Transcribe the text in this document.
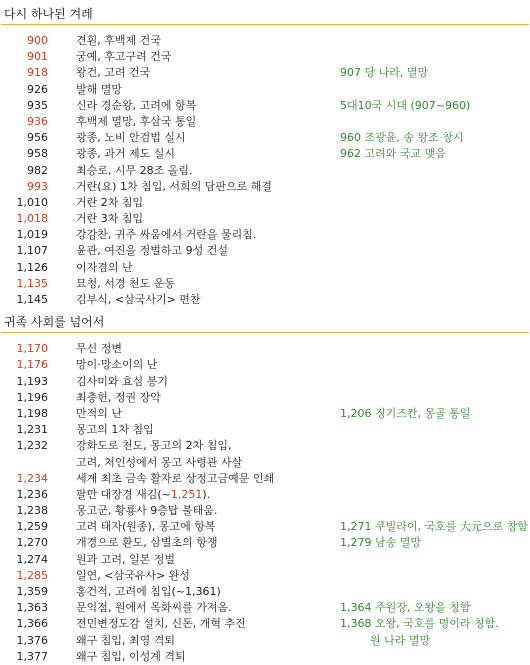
다시 하나된 겨레
900	견훤, 후백제 건국
901	궁예, 후고구려 건국
918	왕건, 고려 건국	907 당 나라, 멸망
926	발해 멸망
935	신라 경순왕, 고려에 항복	5대10국 시대 (907~960)
936	후백제 멸망, 후삼국 통일
956	광종, 노비 안검법 실시	960 조광윤, 송 왕조 창시
958	광종, 과거 제도 실시	962 고려와 국교 맺음
982	최승로, 시무 28조 올림.
993	거란(요) 1차 침입, 서희의 담판으로 해결
1,010	거란 2차 침입
1,018	거란 3차 침입
1,019	강감찬, 귀주 싸움에서 거란을 물리침.
1,107	윤관, 여진을 정벌하고 9성 건설
1,126	이자겸의 난
1,135	묘청, 서경 천도 운동
1,145	김부식, <삼국사기> 편찬
귀족 사회를 넘어서
1,170	무신 정변
1,176	망이·망소이의 난
1,193	김사미와 효심 봉기
1,196	최충헌, 정권 장악
1,198	만적의 난	1,206 징기즈칸, 몽골 통일
1,231	몽고의 1차 침입
1,232	강화도로 천도, 몽고의 2차 침입,
고려, 처인성에서 몽고 사령관 사살
1,234	세계 최초 금속 활자로 상정고금예문 인쇄
1,236	팔만 대장경 새김(~1,251).
1,238	몽고군, 황룡사 9층탑 불태움.
1,259	고려 태자(원종), 몽고에 항복	1,271 쿠빌라이, 국호를 大元으로 창함
1,270	개경으로 환도, 삼별초의 항쟁	1,279 남송 멸망
1,274	원과 고려, 일본 정벌
1,285	일연, <삼국유사> 완성
1,359	홍건적, 고려에 침입(~1,361)
1,363	문익점, 원에서 목화씨를 가져옴.	1,364 주원장, 오왕을 칭함
1,366	전민변정도감 설치, 신돈, 개혁 추진	1,368 오왕, 국호를 명이라 칭함.
1,376	왜구 침입, 최영 격퇴	원 나라 멸망
1,377	왜구 침입, 이성계 격퇴
